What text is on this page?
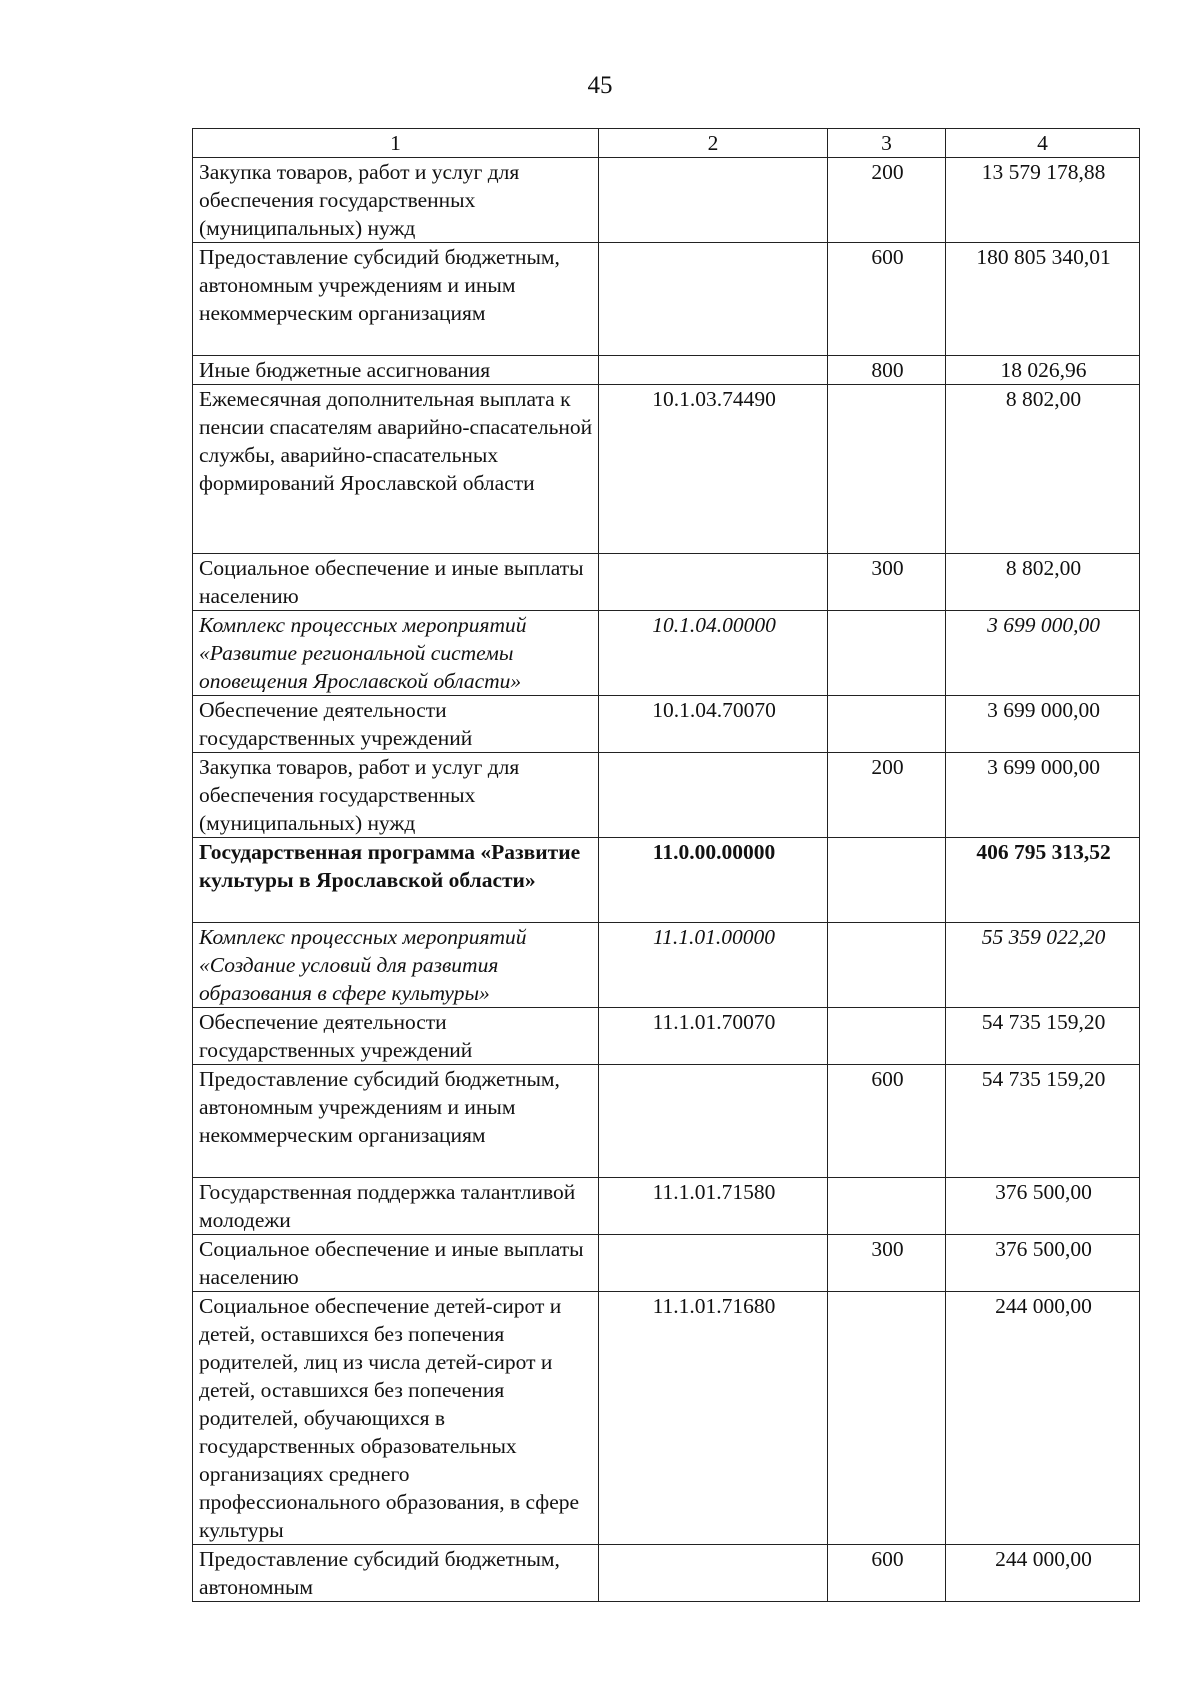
45
1	2	3	4
Закупка товаров, работ и услуг для обеспечения государственных (муниципальных) нужд		200	13 579 178,88
Предоставление субсидий бюджетным, автономным учреждениям и иным некоммерческим организациям		600	180 805 340,01
Иные бюджетные ассигнования		800	18 026,96
Ежемесячная дополнительная выплата к пенсии спасателям аварийно-спасательной службы, аварийно-спасательных формирований Ярославской области	10.1.03.74490		8 802,00
Социальное обеспечение и иные выплаты населению		300	8 802,00
Комплекс процессных мероприятий «Развитие региональной системы оповещения Ярославской области»	10.1.04.00000		3 699 000,00
Обеспечение деятельности государственных учреждений	10.1.04.70070		3 699 000,00
Закупка товаров, работ и услуг для обеспечения государственных (муниципальных) нужд		200	3 699 000,00
Государственная программа «Развитие культуры в Ярославской области»	11.0.00.00000		406 795 313,52
Комплекс процессных мероприятий «Создание условий для развития образования в сфере культуры»	11.1.01.00000		55 359 022,20
Обеспечение деятельности государственных учреждений	11.1.01.70070		54 735 159,20
Предоставление субсидий бюджетным, автономным учреждениям и иным некоммерческим организациям		600	54 735 159,20
Государственная поддержка талантливой молодежи	11.1.01.71580		376 500,00
Социальное обеспечение и иные выплаты населению		300	376 500,00
Социальное обеспечение детей-сирот и детей, оставшихся без попечения родителей, лиц из числа детей-сирот и детей, оставшихся без попечения родителей, обучающихся в государственных образовательных организациях среднего профессионального образования, в сфере культуры	11.1.01.71680		244 000,00
Предоставление субсидий бюджетным, автономным		600	244 000,00
